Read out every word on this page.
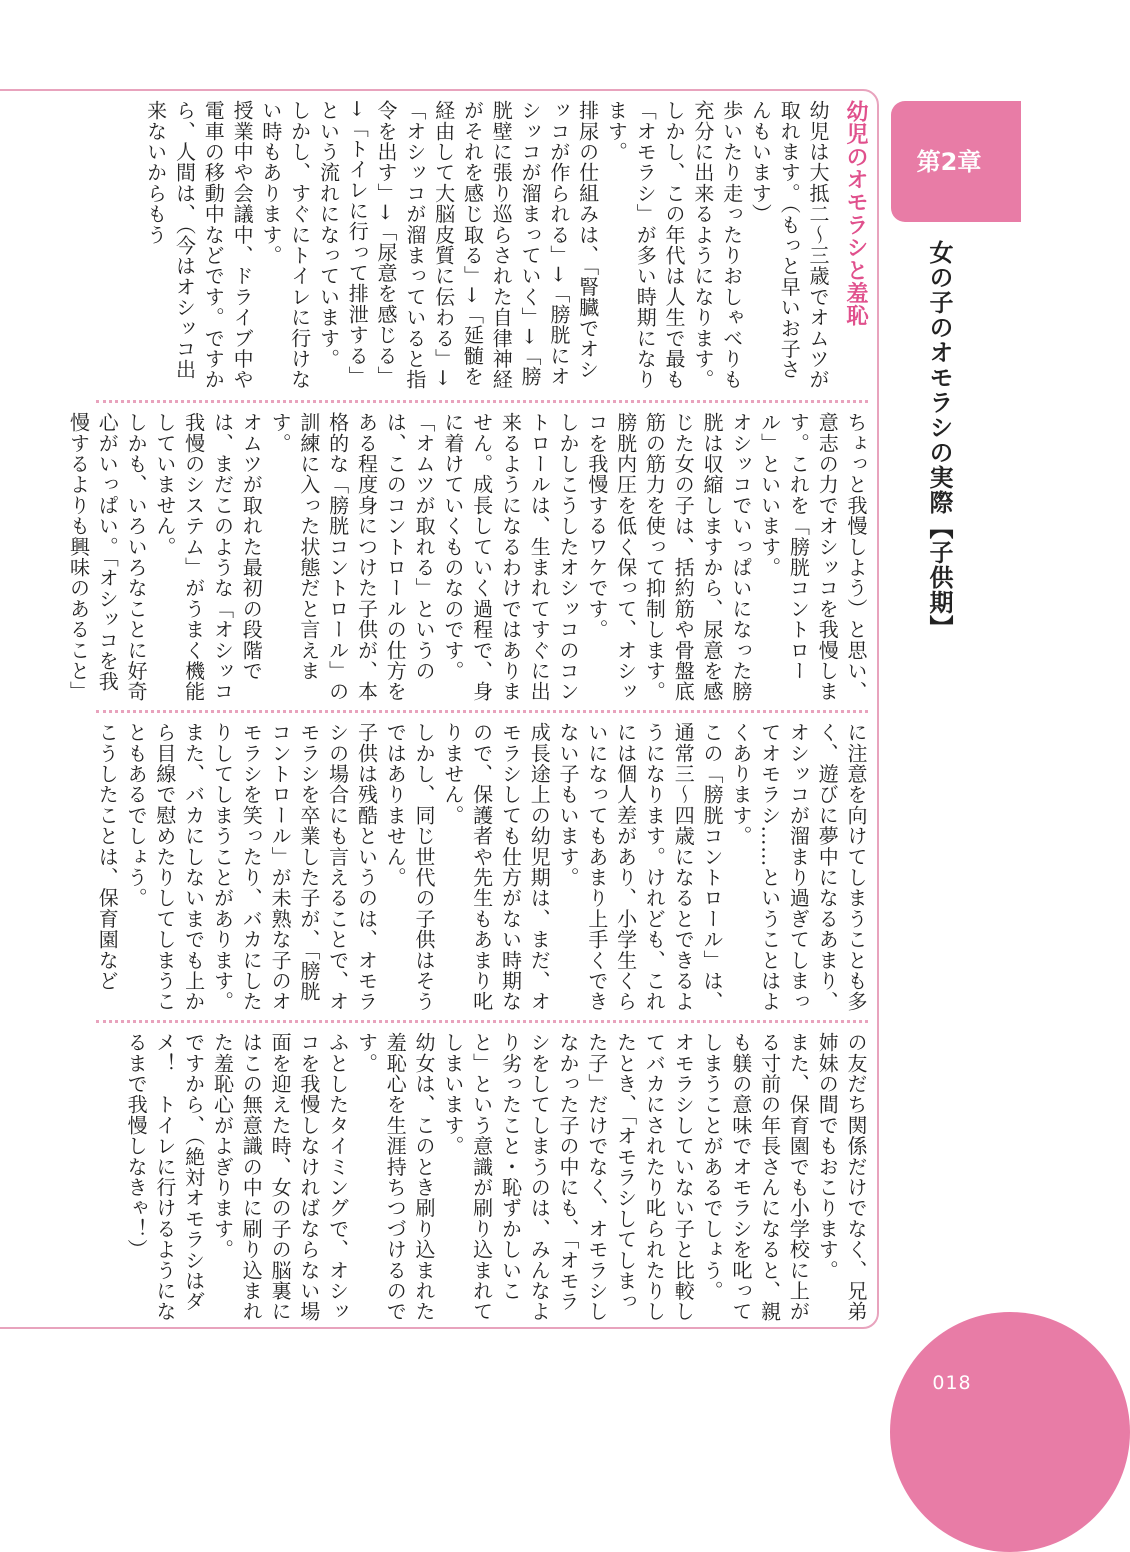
幼児のオモラシと羞恥

幼児は大抵二〜三歳でオムツが取れます。（もっと早いお子さんもいます）

歩いたり走ったりおしゃべりも充分に出来るようになります。しかし、この年代は人生で最も「オモラシ」が多い時期になります。

排尿の仕組みは、「腎臓でオシッコが作られる」→「膀胱にオシッコが溜まっていく」→「膀胱壁に張り巡らされた自律神経がそれを感じ取る」→「延髄を経由して大脳皮質に伝わる」→「オシッコが溜まっていると指令を出す」→「尿意を感じる」→「トイレに行って排泄する」という流れになっています。

しかし、すぐにトイレに行けない時もあります。

授業中や会議中、ドライブ中や電車の移動中などです。ですから、人間は、（今はオシッコ出来ないからもう

ちょっと我慢しよう）と思い、意志の力でオシッコを我慢します。これを「膀胱コントロール」といいます。

オシッコでいっぱいになった膀胱は収縮しますから、尿意を感じた女の子は、括約筋や骨盤底筋の筋力を使って抑制します。膀胱内圧を低く保って、オシッコを我慢するワケです。

しかしこうしたオシッコのコントロールは、生まれてすぐに出来るようになるわけではありません。成長していく過程で、身に着けていくものなのです。

「オムツが取れる」というのは、このコントロールの仕方をある程度身につけた子供が、本格的な「膀胱コントロール」の訓練に入った状態だと言えます。

オムツが取れた最初の段階では、まだこのような「オシッコ我慢のシステム」がうまく機能していません。

しかも、いろいろなことに好奇心がいっぱい。「オシッコを我慢するよりも興味のあること」

に注意を向けてしまうことも多く、遊びに夢中になるあまり、オシッコが溜まり過ぎてしまってオモラシ……ということはよくあります。

この「膀胱コントロール」は、通常三〜四歳になるとできるようになります。けれども、これには個人差があり、小学生くらいになってもあまり上手くできない子もいます。

成長途上の幼児期は、まだ、オモラシしても仕方がない時期なので、保護者や先生もあまり叱りません。

しかし、同じ世代の子供はそうではありません。

子供は残酷というのは、オモラシの場合にも言えることで、オモラシを卒業した子が、「膀胱コントロール」が未熟な子のオモラシを笑ったり、バカにしたりしてしまうことがあります。

また、バカにしないまでも上から目線で慰めたりしてしまうこともあるでしょう。

こうしたことは、保育園など

の友だち関係だけでなく、兄弟姉妹の間でもおこります。

また、保育園でも小学校に上がる寸前の年長さんになると、親も躾の意味でオモラシを叱ってしまうことがあるでしょう。

オモラシしていない子と比較してバカにされたり叱られたりしたとき、「オモラシしてしまった子」だけでなく、オモラシしなかった子の中にも、「オモラシをしてしまうのは、みんなより劣ったこと・恥ずかしいこと」という意識が刷り込まれてしまいます。

幼女は、このとき刷り込まれた羞恥心を生涯持ちつづけるのです。

ふとしたタイミングで、オシッコを我慢しなければならない場面を迎えた時、女の子の脳裏にはこの無意識の中に刷り込まれた羞恥心がよぎります。

ですから、（絶対オモラシはダメ！　トイレに行けるようになるまで我慢しなきゃ！）

第2章
女の子のオモラシの実際【子供期】
018
